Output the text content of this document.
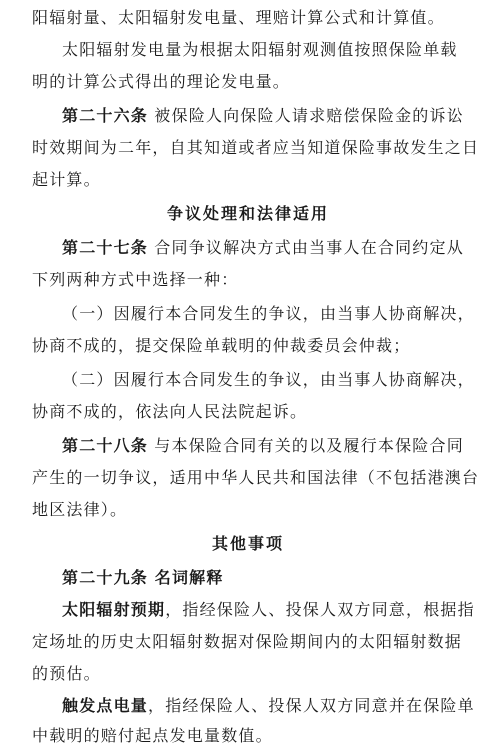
阳辐射量、太阳辐射发电量、理赔计算公式和计算值。
太阳辐射发电量为根据太阳辐射观测值按照保险单载
明的计算公式得出的理论发电量。
第二十六条 被保险人向保险人请求赔偿保险金的诉讼
时效期间为二年，自其知道或者应当知道保险事故发生之日
起计算。
争议处理和法律适用
第二十七条 合同争议解决方式由当事人在合同约定从
下列两种方式中选择一种：
（一）因履行本合同发生的争议，由当事人协商解决，
协商不成的，提交保险单载明的仲裁委员会仲裁；
（二）因履行本合同发生的争议，由当事人协商解决，
协商不成的，依法向人民法院起诉。
第二十八条 与本保险合同有关的以及履行本保险合同
产生的一切争议，适用中华人民共和国法律（不包括港澳台
地区法律）。
其他事项
第二十九条 名词解释
太阳辐射预期，指经保险人、投保人双方同意，根据指
定场址的历史太阳辐射数据对保险期间内的太阳辐射数据
的预估。
触发点电量，指经保险人、投保人双方同意并在保险单
中载明的赔付起点发电量数值。
